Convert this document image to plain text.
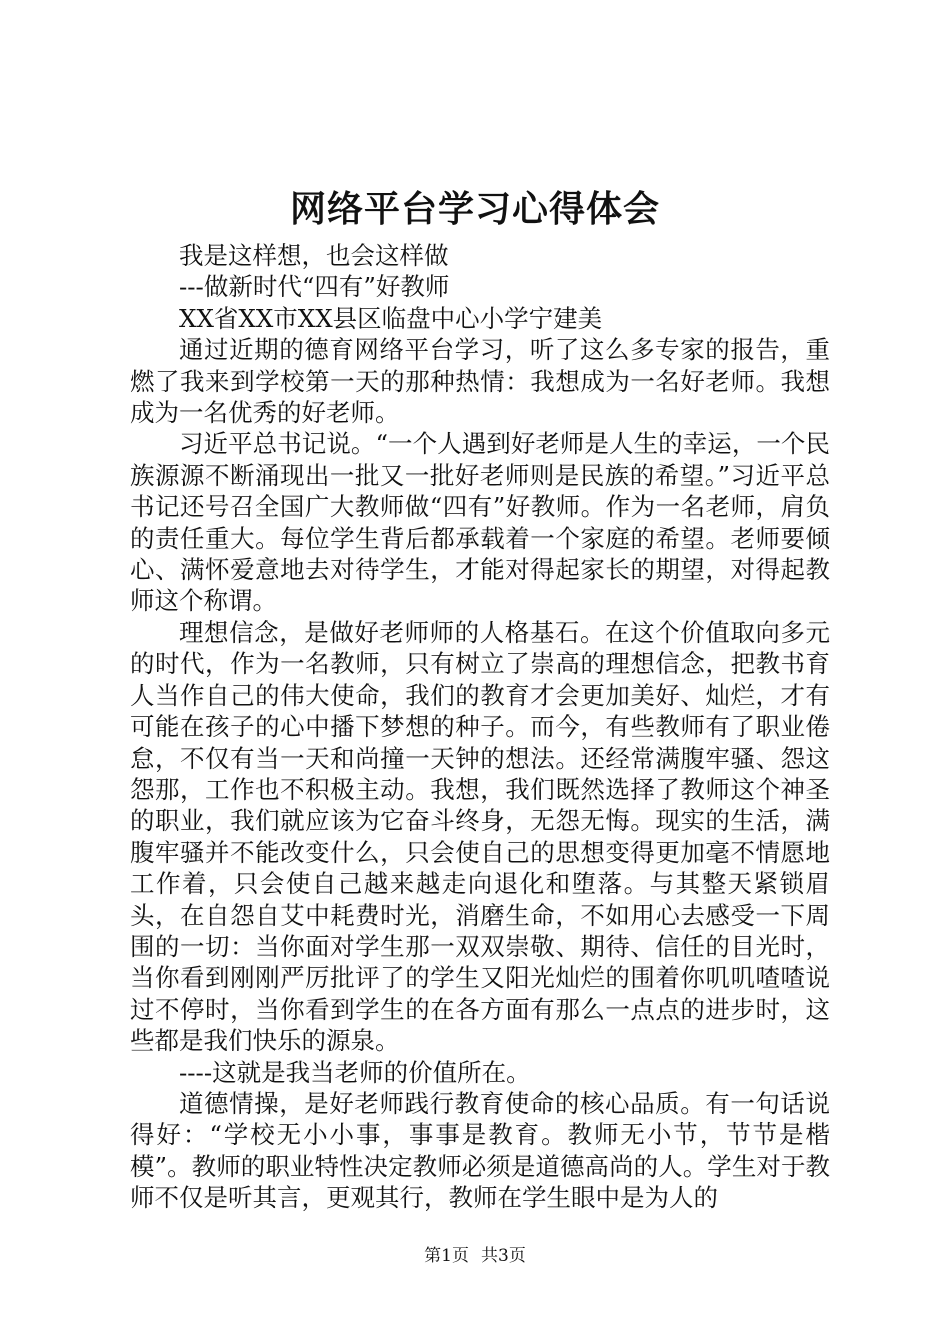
网络平台学习心得体会

我是这样想，也会这样做

---做新时代“四有”好教师

XX省XX市XX县区临盘中心小学宁建美

通过近期的德育网络平台学习，听了这么多专家的报告，重燃了我来到学校第一天的那种热情：我想成为一名好老师。我想成为一名优秀的好老师。

习近平总书记说。“一个人遇到好老师是人生的幸运，一个民族源源不断涌现出一批又一批好老师则是民族的希望。”习近平总书记还号召全国广大教师做“四有”好教师。作为一名老师，肩负的责任重大。每位学生背后都承载着一个家庭的希望。老师要倾心、满怀爱意地去对待学生，才能对得起家长的期望，对得起教师这个称谓。

理想信念，是做好老师师的人格基石。在这个价值取向多元的时代，作为一名教师，只有树立了崇高的理想信念，把教书育人当作自己的伟大使命，我们的教育才会更加美好、灿烂，才有可能在孩子的心中播下梦想的种子。而今，有些教师有了职业倦怠，不仅有当一天和尚撞一天钟的想法。还经常满腹牢骚、怨这怨那，工作也不积极主动。我想，我们既然选择了教师这个神圣的职业，我们就应该为它奋斗终身，无怨无悔。现实的生活，满腹牢骚并不能改变什么，只会使自己的思想变得更加毫不情愿地工作着，只会使自己越来越走向退化和堕落。与其整天紧锁眉头，在自怨自艾中耗费时光，消磨生命，不如用心去感受一下周围的一切：当你面对学生那一双双崇敬、期待、信任的目光时，当你看到刚刚严厉批评了的学生又阳光灿烂的围着你叽叽喳喳说过不停时，当你看到学生的在各方面有那么一点点的进步时，这些都是我们快乐的源泉。

----这就是我当老师的价值所在。

道德情操，是好老师践行教育使命的核心品质。有一句话说得好：“学校无小小事，事事是教育。教师无小节，节节是楷模”。教师的职业特性决定教师必须是道德高尚的人。学生对于教师不仅是听其言，更观其行，教师在学生眼中是为人的

第1页 共3页
